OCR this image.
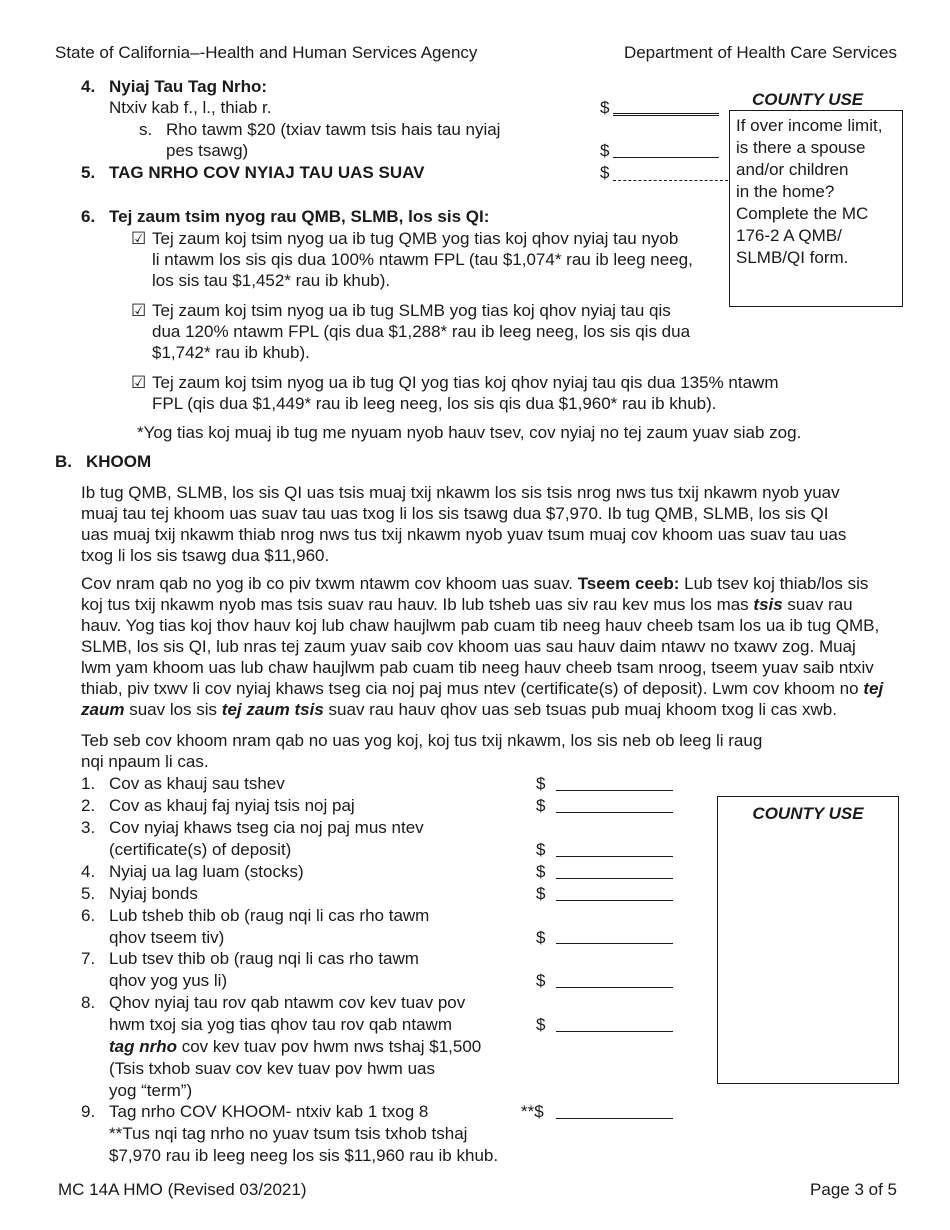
State of California–-Health and Human Services Agency	Department of Health Care Services
4. Nyiaj Tau Tag Nrho:
Ntxiv kab f., l., thiab r.	$
s. Rho tawm $20 (txiav tawm tsis hais tau nyiaj
pes tsawg)	$
5. TAG NRHO COV NYIAJ TAU UAS SUAV	$
COUNTY USE
If over income limit,
is there a spouse
and/or children
in the home?
Complete the MC
176-2 A QMB/
SLMB/QI form.
6. Tej zaum tsim nyog rau QMB, SLMB, los sis QI:
☑ Tej zaum koj tsim nyog ua ib tug QMB yog tias koj qhov nyiaj tau nyob
li ntawm los sis qis dua 100% ntawm FPL (tau $1,074* rau ib leeg neeg,
los sis tau $1,452* rau ib khub).
☑ Tej zaum koj tsim nyog ua ib tug SLMB yog tias koj qhov nyiaj tau qis
dua 120% ntawm FPL (qis dua $1,288* rau ib leeg neeg, los sis qis dua
$1,742* rau ib khub).
☑ Tej zaum koj tsim nyog ua ib tug QI yog tias koj qhov nyiaj tau qis dua 135% ntawm
FPL (qis dua $1,449* rau ib leeg neeg, los sis qis dua $1,960* rau ib khub).
*Yog tias koj muaj ib tug me nyuam nyob hauv tsev, cov nyiaj no tej zaum yuav siab zog.
B. KHOOM
Ib tug QMB, SLMB, los sis QI uas tsis muaj txij nkawm los sis tsis nrog nws tus txij nkawm nyob yuav
muaj tau tej khoom uas suav tau uas txog li los sis tsawg dua $7,970. Ib tug QMB, SLMB, los sis QI
uas muaj txij nkawm thiab nrog nws tus txij nkawm nyob yuav tsum muaj cov khoom uas suav tau uas
txog li los sis tsawg dua $11,960.
Cov nram qab no yog ib co piv txwm ntawm cov khoom uas suav. Tseem ceeb: Lub tsev koj thiab/los sis
koj tus txij nkawm nyob mas tsis suav rau hauv. Ib lub tsheb uas siv rau kev mus los mas tsis suav rau
hauv. Yog tias koj thov hauv koj lub chaw haujlwm pab cuam tib neeg hauv cheeb tsam los ua ib tug QMB,
SLMB, los sis QI, lub nras tej zaum yuav saib cov khoom uas sau hauv daim ntawv no txawv zog. Muaj
lwm yam khoom uas lub chaw haujlwm pab cuam tib neeg hauv cheeb tsam nroog, tseem yuav saib ntxiv
thiab, piv txwv li cov nyiaj khaws tseg cia noj paj mus ntev (certificate(s) of deposit). Lwm cov khoom no tej
zaum suav los sis tej zaum tsis suav rau hauv qhov uas seb tsuas pub muaj khoom txog li cas xwb.
Teb seb cov khoom nram qab no uas yog koj, koj tus txij nkawm, los sis neb ob leeg li raug
nqi npaum li cas.
1. Cov as khauj sau tshev	$
2. Cov as khauj faj nyiaj tsis noj paj	$
3. Cov nyiaj khaws tseg cia noj paj mus ntev
(certificate(s) of deposit)	$
4. Nyiaj ua lag luam (stocks)	$
5. Nyiaj bonds	$
6. Lub tsheb thib ob (raug nqi li cas rho tawm
qhov tseem tiv)	$
7. Lub tsev thib ob (raug nqi li cas rho tawm
qhov yog yus li)	$
8. Qhov nyiaj tau rov qab ntawm cov kev tuav pov
hwm txoj sia yog tias qhov tau rov qab ntawm
tag nrho cov kev tuav pov hwm nws tshaj $1,500
(Tsis txhob suav cov kev tuav pov hwm uas
yog “term”)
$
9. Tag nrho COV KHOOM- ntxiv kab 1 txog 8
**Tus nqi tag nrho no yuav tsum tsis txhob tshaj
$7,970 rau ib leeg neeg los sis $11,960 rau ib khub.
**$
COUNTY USE
MC 14A HMO (Revised 03/2021)	Page 3 of 5
